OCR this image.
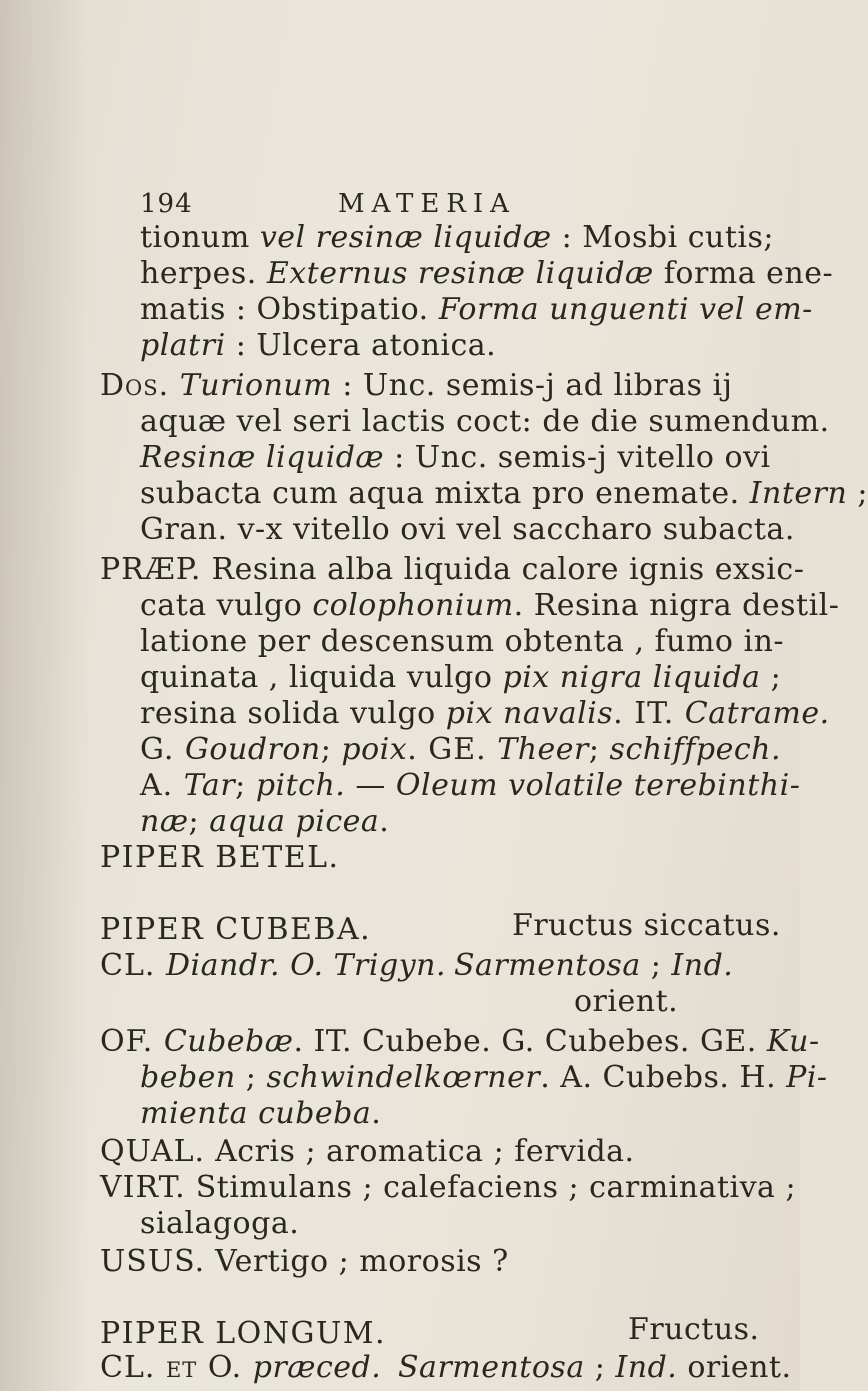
194	MATERIA
tionum vel resinæ liquidæ : Mosbi cutis;
herpes. Externus resinæ liquidæ forma ene-
matis : Obstipatio. Forma unguenti vel em-
platri : Ulcera atonica.
Dos. Turionum : Unc. semis-j ad libras ij
aquæ vel seri lactis coct: de die sumendum.
Resinæ liquidæ : Unc. semis-j vitello ovi
subacta cum aqua mixta pro enemate. Intern ;
Gran. v-x vitello ovi vel saccharo subacta.
PRÆP. Resina alba liquida calore ignis exsic-
cata vulgo colophonium. Resina nigra destil-
latione per descensum obtenta , fumo in-
quinata , liquida vulgo pix nigra liquida ;
resina solida vulgo pix navalis. IT. Catrame.
G. Goudron; poix. GE. Theer; schiffpech.
A. Tar; pitch. — Oleum volatile terebinthi-
næ; aqua picea.
PIPER BETEL.
PIPER CUBEBA.	Fructus siccatus.
CL. Diandr. O. Trigyn. Sarmentosa ; Ind.
orient.
OF. Cubebæ. IT. Cubebe. G. Cubebes. GE. Ku-
beben ; schwindelkœrner. A. Cubebs. H. Pi-
mienta cubeba.
QUAL. Acris ; aromatica ; fervida.
VIRT. Stimulans ; calefaciens ; carminativa ;
sialagoga.
USUS. Vertigo ; morosis ?
PIPER LONGUM.	Fructus.
CL. et O. præced. Sarmentosa ; Ind. orient.
